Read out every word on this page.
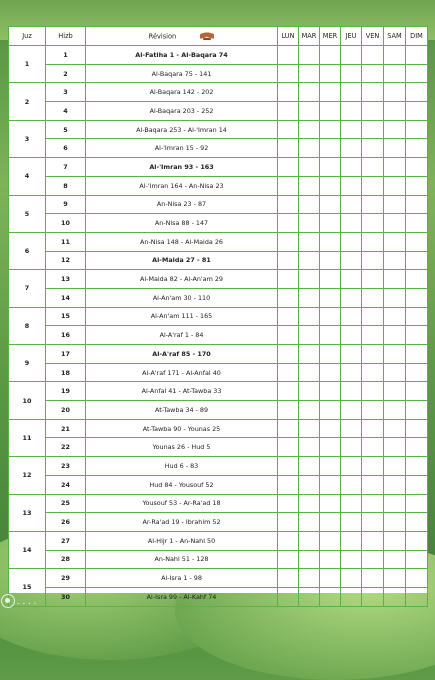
Juz	Hizb	Révision	LUN	MAR	MER	JEU	VEN	SAM	DIM
1	1	Al-Fatiha 1 - Al-Baqara 74							
	2	Al-Baqara 75 - 141							
2	3	Al-Baqara 142 - 202							
	4	Al-Baqara 203 - 252							
3	5	Al-Baqara 253 - Al-'Imran 14							
	6	Al-'Imran 15 - 92							
4	7	Al-'Imran 93 - 163							
	8	Al-'Imran 164 - An-Nisa 23							
5	9	An-Nisa 23 - 87							
	10	An-Nisa 88 - 147							
6	11	An-Nisa 148 - Al-Maida 26							
	12	Al-Maida 27 - 81							
7	13	Al-Maida 82 - Al-An'am 29							
	14	Al-An'am 30 - 110							
8	15	Al-An'am 111 - 165							
	16	Al-A'raf 1 - 84							
9	17	Al-A'raf 85 - 170							
	18	Al-A'raf 171 - Al-Anfal 40							
10	19	Al-Anfal 41 - At-Tawba 33							
	20	At-Tawba 34 - 89							
11	21	At-Tawba 90 - Younas 25							
	22	Younas 26 - Hud 5							
12	23	Hud 6 - 83							
	24	Hud 84 - Yousouf 52							
13	25	Yousouf 53 - Ar-Ra'ad 18							
	26	Ar-Ra'ad 19 - Ibrahim 52							
14	27	Al-Hijr 1 - An-Nahl 50							
	28	An-Nahl 51 - 128							
15	29	Al-Isra 1 - 98							
	30	Al-Isra 99 - Al-Kahf 74							
• • • •
